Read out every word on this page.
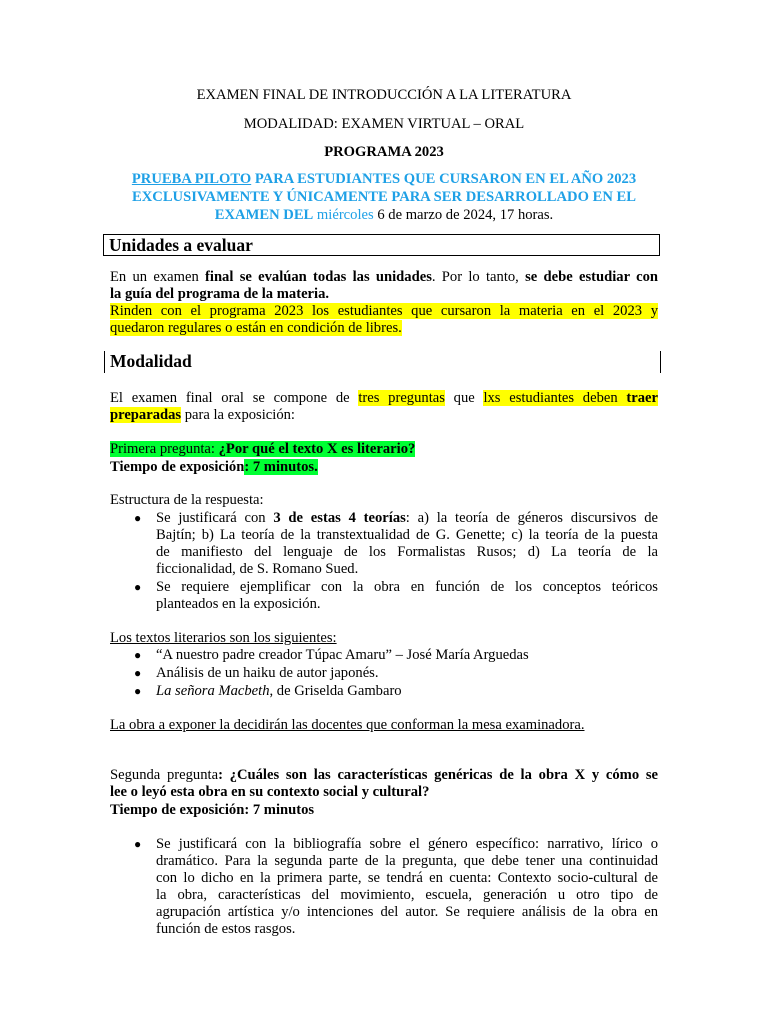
EXAMEN FINAL DE INTRODUCCIÓN A LA LITERATURA
MODALIDAD: EXAMEN VIRTUAL – ORAL
PROGRAMA 2023
PRUEBA PILOTO PARA ESTUDIANTES QUE CURSARON EN EL AÑO 2023
EXCLUSIVAMENTE Y ÚNICAMENTE PARA SER DESARROLLADO EN EL
EXAMEN DEL miércoles 6 de marzo de 2024, 17 horas.
Unidades a evaluar
En un examen final se evalúan todas las unidades. Por lo tanto, se debe estudiar con
la guía del programa de la materia.
Rinden con el programa 2023 los estudiantes que cursaron la materia en el 2023 y
quedaron regulares o están en condición de libres.
Modalidad
El examen final oral se compone de tres preguntas que lxs estudiantes deben traer
preparadas para la exposición:
Primera pregunta: ¿Por qué el texto X es literario?
Tiempo de exposición: 7 minutos.
Estructura de la respuesta:
● Se justificará con 3 de estas 4 teorías: a) la teoría de géneros discursivos de
Bajtín; b) La teoría de la transtextualidad de G. Genette; c) la teoría de la puesta
de manifiesto del lenguaje de los Formalistas Rusos; d) La teoría de la
ficcionalidad, de S. Romano Sued.
● Se requiere ejemplificar con la obra en función de los conceptos teóricos
planteados en la exposición.
Los textos literarios son los siguientes:
● “A nuestro padre creador Túpac Amaru” – José María Arguedas
● Análisis de un haiku de autor japonés.
● La señora Macbeth, de Griselda Gambaro
La obra a exponer la decidirán las docentes que conforman la mesa examinadora.
Segunda pregunta: ¿Cuáles son las características genéricas de la obra X y cómo se
lee o leyó esta obra en su contexto social y cultural?
Tiempo de exposición: 7 minutos
● Se justificará con la bibliografía sobre el género específico: narrativo, lírico o
dramático. Para la segunda parte de la pregunta, que debe tener una continuidad
con lo dicho en la primera parte, se tendrá en cuenta: Contexto socio-cultural de
la obra, características del movimiento, escuela, generación u otro tipo de
agrupación artística y/o intenciones del autor. Se requiere análisis de la obra en
función de estos rasgos.
